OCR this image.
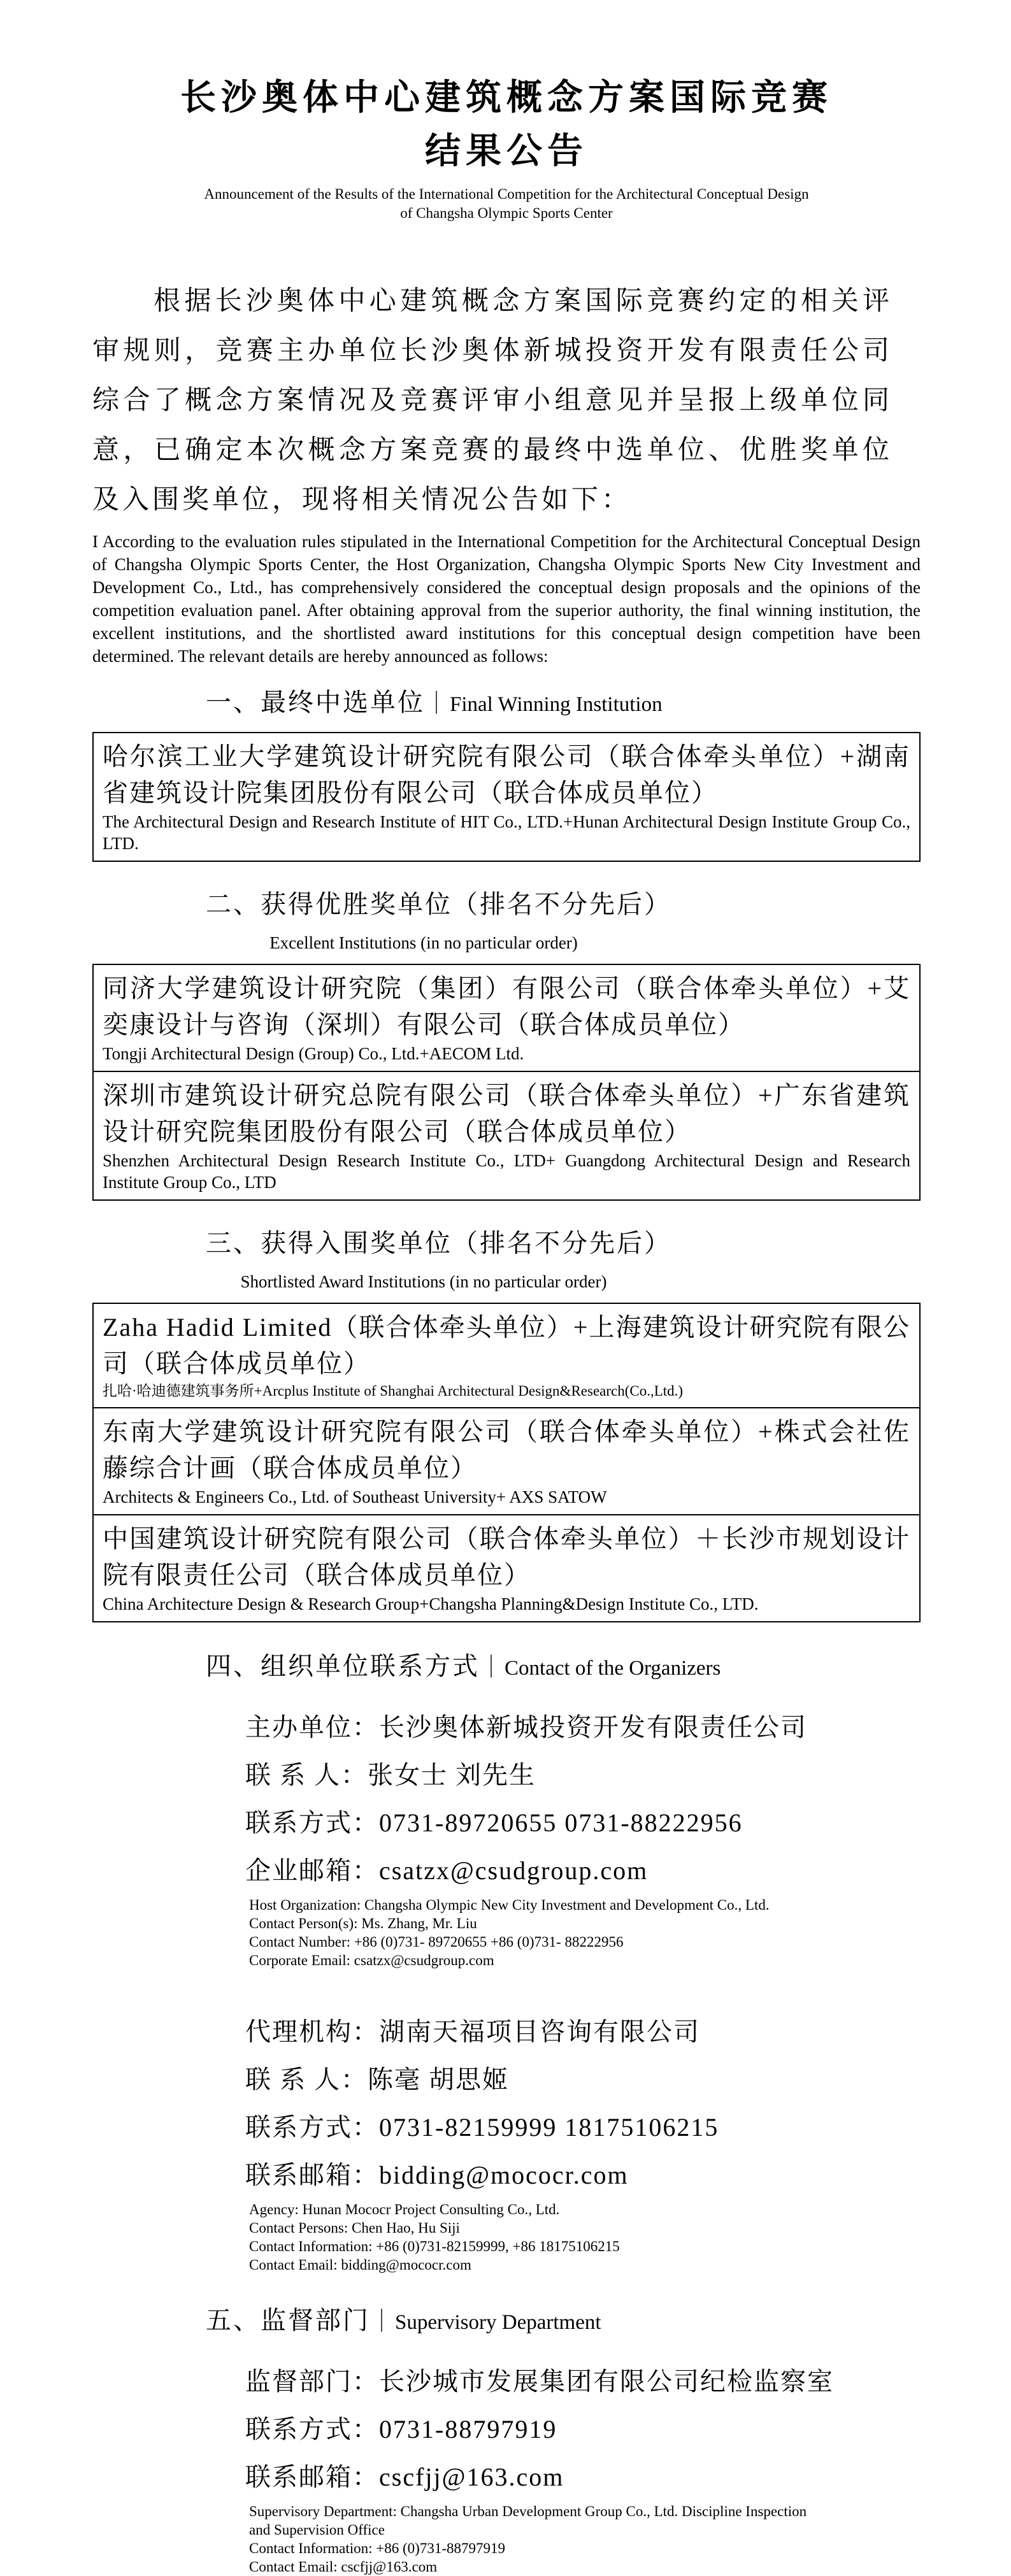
长沙奥体中心建筑概念方案国际竞赛
结果公告
Announcement of the Results of the International Competition for the Architectural Conceptual Design
of Changsha Olympic Sports Center
根据长沙奥体中心建筑概念方案国际竞赛约定的相关评审规则，竞赛主办单位长沙奥体新城投资开发有限责任公司综合了概念方案情况及竞赛评审小组意见并呈报上级单位同意，已确定本次概念方案竞赛的最终中选单位、优胜奖单位及入围奖单位，现将相关情况公告如下：
I According to the evaluation rules stipulated in the International Competition for the Architectural Conceptual Design of Changsha Olympic Sports Center, the Host Organization, Changsha Olympic Sports New City Investment and Development Co., Ltd., has comprehensively considered the conceptual design proposals and the opinions of the competition evaluation panel. After obtaining approval from the superior authority, the final winning institution, the excellent institutions, and the shortlisted award institutions for this conceptual design competition have been determined. The relevant details are hereby announced as follows:
一、最终中选单位｜Final Winning Institution
哈尔滨工业大学建筑设计研究院有限公司（联合体牵头单位）+湖南省建筑设计院集团股份有限公司（联合体成员单位）
The Architectural Design and Research Institute of HIT Co., LTD.+Hunan Architectural Design Institute Group Co., LTD.
二、获得优胜奖单位（排名不分先后）
Excellent Institutions (in no particular order)
同济大学建筑设计研究院（集团）有限公司（联合体牵头单位）+艾奕康设计与咨询（深圳）有限公司（联合体成员单位）
Tongji Architectural Design (Group) Co., Ltd.+AECOM Ltd.
深圳市建筑设计研究总院有限公司（联合体牵头单位）+广东省建筑设计研究院集团股份有限公司（联合体成员单位）
Shenzhen Architectural Design Research Institute Co., LTD+ Guangdong Architectural Design and Research Institute Group Co., LTD
三、获得入围奖单位（排名不分先后）
Shortlisted Award Institutions (in no particular order)
Zaha Hadid Limited（联合体牵头单位）+上海建筑设计研究院有限公司（联合体成员单位）
扎哈·哈迪德建筑事务所+Arcplus Institute of Shanghai Architectural Design&Research(Co.,Ltd.)
东南大学建筑设计研究院有限公司（联合体牵头单位）+株式会社佐藤综合计画（联合体成员单位）
Architects & Engineers Co., Ltd. of Southeast University+ AXS SATOW
中国建筑设计研究院有限公司（联合体牵头单位）＋长沙市规划设计院有限责任公司（联合体成员单位）
China Architecture Design & Research Group+Changsha Planning&Design Institute Co., LTD.
四、组织单位联系方式｜Contact of the Organizers
主办单位：长沙奥体新城投资开发有限责任公司
联 系 人：张女士 刘先生
联系方式：0731-89720655 0731-88222956
企业邮箱：csatzx@csudgroup.com
Host Organization: Changsha Olympic New City Investment and Development Co., Ltd.
Contact Person(s): Ms. Zhang, Mr. Liu
Contact Number: +86 (0)731- 89720655 +86 (0)731- 88222956
Corporate Email: csatzx@csudgroup.com
代理机构：湖南天福项目咨询有限公司
联 系 人：陈毫 胡思姬
联系方式：0731-82159999 18175106215
联系邮箱：bidding@mococr.com
Agency: Hunan Mococr Project Consulting Co., Ltd.
Contact Persons: Chen Hao, Hu Siji
Contact Information: +86 (0)731-82159999, +86 18175106215
Contact Email: bidding@mococr.com
五、监督部门｜Supervisory Department
监督部门：长沙城市发展集团有限公司纪检监察室
联系方式：0731-88797919
联系邮箱：cscfjj@163.com
Supervisory Department: Changsha Urban Development Group Co., Ltd. Discipline Inspection and Supervision Office
Contact Information: +86 (0)731-88797919
Contact Email: cscfjj@163.com
